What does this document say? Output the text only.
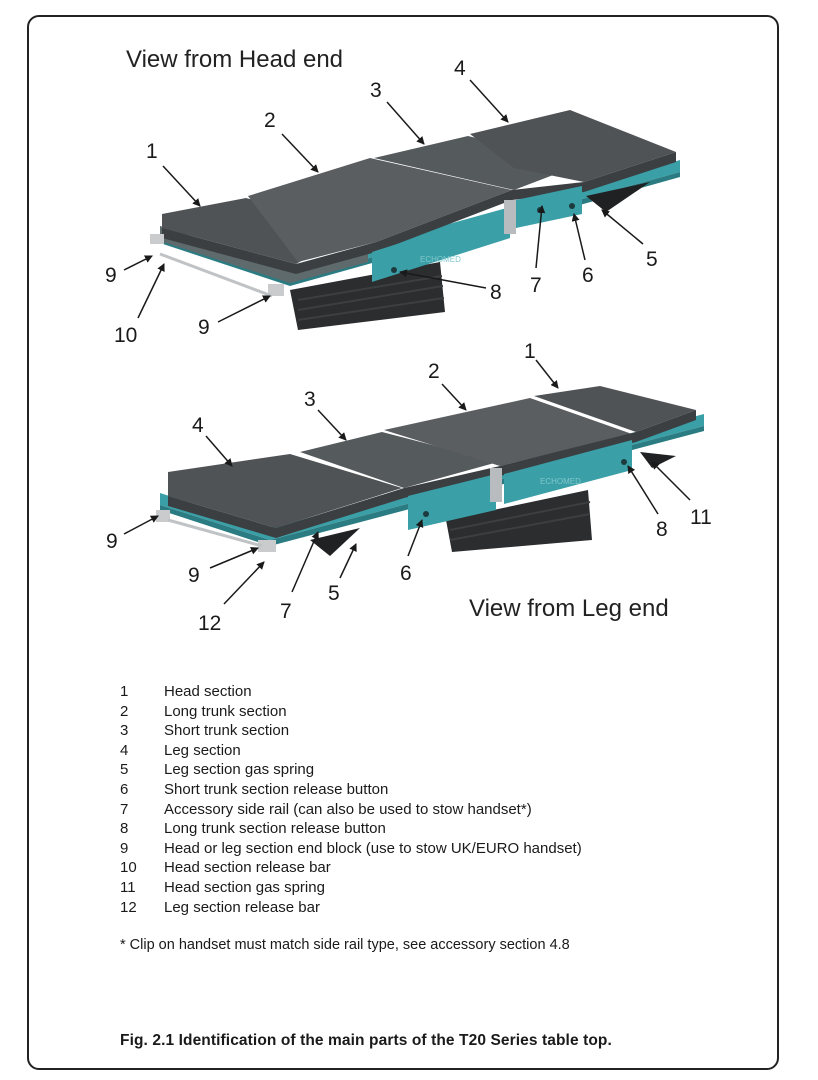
View from Head end
View from Leg end
ECHOMED
ECHOMED
1
2
3
4
5
6
7
8
9
10	9
1
2
3
4
5
6
7
8
9
9
11
12
1	Head section
2	Long trunk section
3	Short trunk section
4	Leg section
5	Leg section gas spring
6	Short trunk section release button
7	Accessory side rail (can also be used to stow handset*)
8	Long trunk section release button
9	Head or leg section end block (use to stow UK/EURO handset)
10	Head section release bar
11	Head section gas spring
12	Leg section release bar
* Clip on handset must match side rail type, see accessory section 4.8
Fig. 2.1 Identification of the main parts of the T20 Series table top.
